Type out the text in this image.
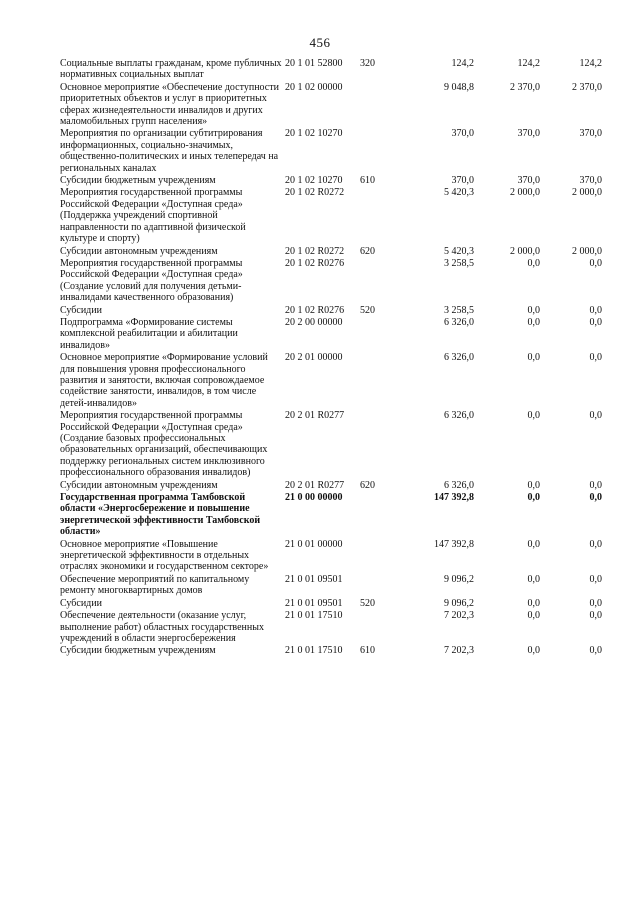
456
Социальные выплаты гражданам, кроме публичных нормативных социальных выплат	20 1 01 52800	320	124,2	124,2	124,2
Основное мероприятие «Обеспечение доступности приоритетных объектов и услуг в приоритетных сферах жизнедеятельности инвалидов и других маломобильных групп населения»	20 1 02 00000		9 048,8	2 370,0	2 370,0
Мероприятия по организации субтитрирования информационных, социально-значимых, общественно-политических и иных телепередач на региональных каналах	20 1 02 10270		370,0	370,0	370,0
Субсидии бюджетным учреждениям	20 1 02 10270	610	370,0	370,0	370,0
Мероприятия государственной программы Российской Федерации «Доступная среда» (Поддержка учреждений спортивной направленности по адаптивной физической культуре и спорту)	20 1 02 R0272		5 420,3	2 000,0	2 000,0
Субсидии автономным учреждениям	20 1 02 R0272	620	5 420,3	2 000,0	2 000,0
Мероприятия государственной программы Российской Федерации «Доступная среда» (Создание условий для получения детьми-инвалидами качественного образования)	20 1 02 R0276		3 258,5	0,0	0,0
Субсидии	20 1 02 R0276	520	3 258,5	0,0	0,0
Подпрограмма «Формирование системы комплексной реабилитации и абилитации инвалидов»	20 2 00 00000		6 326,0	0,0	0,0
Основное мероприятие «Формирование условий для повышения уровня профессионального развития и занятости, включая сопровождаемое содействие занятости, инвалидов, в том числе детей-инвалидов»	20 2 01 00000		6 326,0	0,0	0,0
Мероприятия государственной программы Российской Федерации «Доступная среда» (Создание базовых профессиональных образовательных организаций, обеспечивающих поддержку региональных систем инклюзивного профессионального образования инвалидов)	20 2 01 R0277		6 326,0	0,0	0,0
Субсидии автономным учреждениям	20 2 01 R0277	620	6 326,0	0,0	0,0
Государственная программа Тамбовской области «Энергосбережение и повышение энергетической эффективности Тамбовской области»	21 0 00 00000		147 392,8	0,0	0,0
Основное мероприятие «Повышение энергетической эффективности в отдельных отраслях экономики и государственном секторе»	21 0 01 00000		147 392,8	0,0	0,0
Обеспечение мероприятий по капитальному ремонту многоквартирных домов	21 0 01 09501		9 096,2	0,0	0,0
Субсидии	21 0 01 09501	520	9 096,2	0,0	0,0
Обеспечение деятельности (оказание услуг, выполнение работ) областных государственных учреждений в области энергосбережения	21 0 01 17510		7 202,3	0,0	0,0
Субсидии бюджетным учреждениям	21 0 01 17510	610	7 202,3	0,0	0,0
